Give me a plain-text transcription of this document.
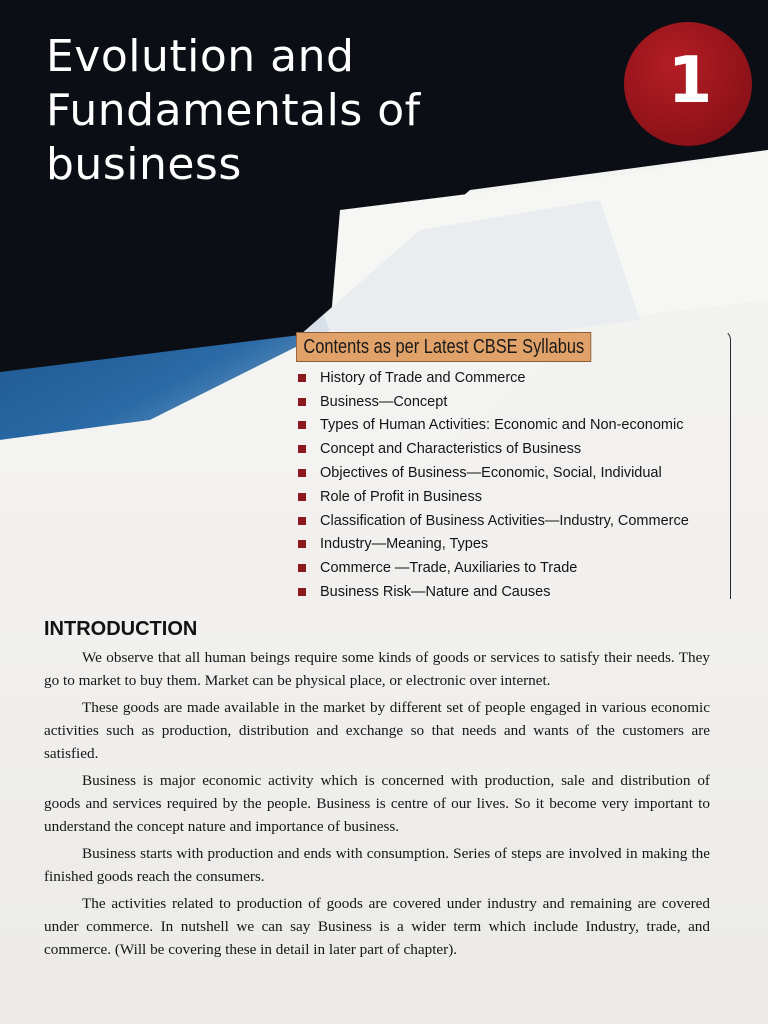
Evolution and
Fundamentals of
business
1
Contents as per Latest CBSE Syllabus
History of Trade and Commerce
Business—Concept
Types of Human Activities: Economic and Non-economic
Concept and Characteristics of Business
Objectives of Business—Economic, Social, Individual
Role of Profit in Business
Classification of Business Activities—Industry, Commerce
Industry—Meaning, Types
Commerce —Trade, Auxiliaries to Trade
Business Risk—Nature and Causes
INTRODUCTION

We observe that all human beings require some kinds of goods or services to satisfy their needs. They go to market to buy them. Market can be physical place, or electronic over internet.

These goods are made available in the market by different set of people engaged in various economic activities such as production, distribution and exchange so that needs and wants of the customers are satisfied.

Business is major economic activity which is concerned with production, sale and distribution of goods and services required by the people. Business is centre of our lives. So it become very important to understand the concept nature and importance of business.

Business starts with production and ends with consumption. Series of steps are involved in making the finished goods reach the consumers.

The activities related to production of goods are covered under industry and remaining are covered under commerce. In nutshell we can say Business is a wider term which include Industry, trade, and commerce. (Will be covering these in detail in later part of chapter).
